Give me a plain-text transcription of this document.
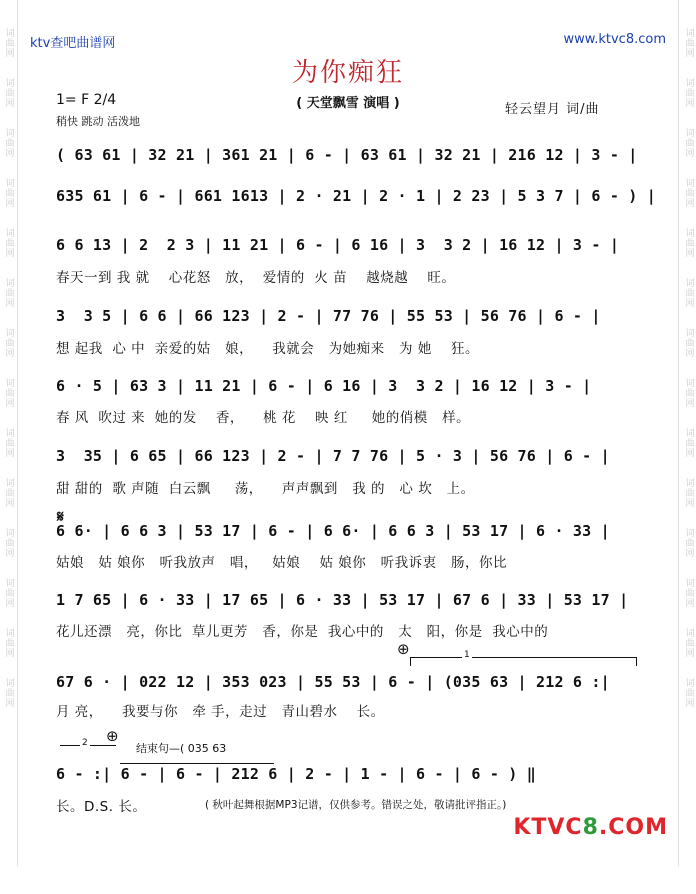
词曲网
词曲网
词曲网
词曲网
词曲网
词曲网
词曲网
词曲网
词曲网
词曲网
词曲网
词曲网
词曲网
词曲网
词曲网
词曲网
词曲网
词曲网
词曲网
词曲网
词曲网
词曲网
词曲网
词曲网
词曲网
词曲网
词曲网
词曲网
ktv查吧曲谱网	www.ktvc8.com
为你痴狂
1= F 2/4
稍快 跳动 活泼地
( 天堂飘雪 演唱 )	轻云望月 词/曲
( 63 61 | 32 21 | 361 21 | 6 - | 63 61 | 32 21 | 216 12 | 3 - |
635 61 | 6 - | 661 1613 | 2 · 21 | 2 · 1 | 2 23 | 5 3 7 | 6 - ) |
6 6 13 | 2  2 3 | 11 21 | 6 - | 6 16 | 3  3 2 | 16 12 | 3 - |
春天一到 我 就    心花怒   放，  爱情的  火 苗    越烧越    旺。
3  3 5 | 6 6 | 66 123 | 2 - | 77 76 | 55 53 | 56 76 | 6 - |
想 起我  心 中  亲爱的姑   娘，    我就会   为她痴来   为 她    狂。
6 · 5 | 63 3 | 11 21 | 6 - | 6 16 | 3  3 2 | 16 12 | 3 - |
春 风  吹过 来  她的发    香，    桃 花    映 红     她的俏模   样。
3  35 | 6 65 | 66 123 | 2 - | 7 7 76 | 5 · 3 | 56 76 | 6 - |
甜 甜的  歌 声随  白云飘     荡，    声声飘到   我 的   心 坎   上。
𝄋
6 6· | 6 6 3 | 53 17 | 6 - | 6 6· | 6 6 3 | 53 17 | 6 · 33 |
姑娘   姑 娘你   听我放声   唱，   姑娘    姑 娘你   听我诉衷   肠，你比
1 7 65 | 6 · 33 | 17 65 | 6 · 33 | 53 17 | 67 6 | 33 | 53 17 |
花儿还漂   亮，你比  草儿更芳   香，你是  我心中的   太   阳，你是  我心中的
⊕	1
67 6 · | 022 12 | 353 023 | 55 53 | 6 - | (035 63 | 212 6 :|
月 亮，    我要与你   牵 手，走过   青山碧水    长。
⊕
2	结束句—( 035 63
6 - :| 6 - | 6 - | 212 6 | 2 - | 1 - | 6 - | 6 - ) ‖
长。D.S. 长。	( 秋叶起舞根据MP3记谱，仅供参考。错误之处，敬请批评指正。)
KTVC8.COM
